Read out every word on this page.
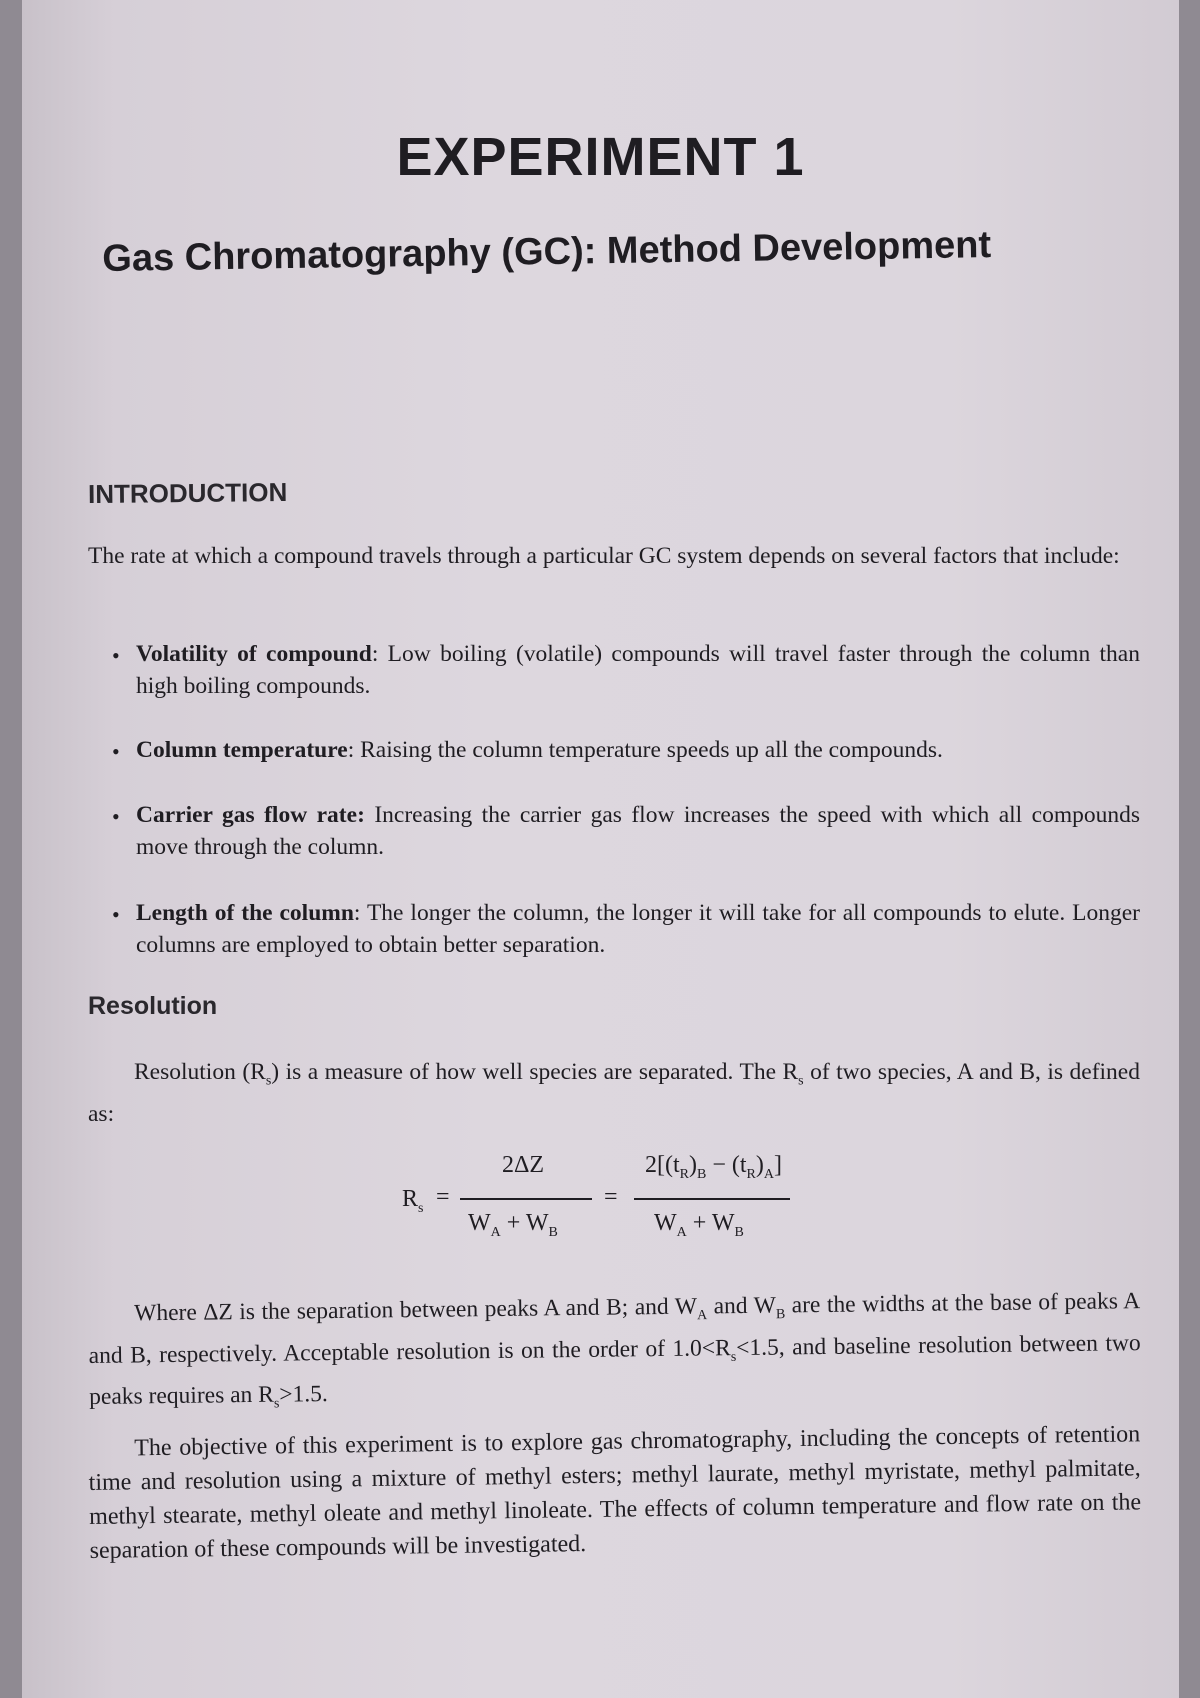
EXPERIMENT 1
Gas Chromatography (GC): Method Development
INTRODUCTION
The rate at which a compound travels through a particular GC system depends on several factors that include:
• Volatility of compound: Low boiling (volatile) compounds will travel faster through the column than high boiling compounds.
• Column temperature: Raising the column temperature speeds up all the compounds.
• Carrier gas flow rate: Increasing the carrier gas flow increases the speed with which all compounds move through the column.
• Length of the column: The longer the column, the longer it will take for all compounds to elute. Longer columns are employed to obtain better separation.
Resolution
Resolution $(R_s)$ is a measure of how well species are separated. The $R_s$ of two species, A and B, is defined as:
$R_s$ =
2ΔZ
$W_A + W_B$
=
$2[(t_R)_B - (t_R)_A]$
$W_A + W_B$
Where ΔZ is the separation between peaks A and B; and $W_A$ and $W_B$ are the widths at the base of peaks A and B, respectively. Acceptable resolution is on the order of $1.0<R_s<1.5$, and baseline resolution between two peaks requires an $R_s>1.5$.
The objective of this experiment is to explore gas chromatography, including the concepts of retention time and resolution using a mixture of methyl esters; methyl laurate, methyl myristate, methyl palmitate, methyl stearate, methyl oleate and methyl linoleate. The effects of column temperature and flow rate on the separation of these compounds will be investigated.
